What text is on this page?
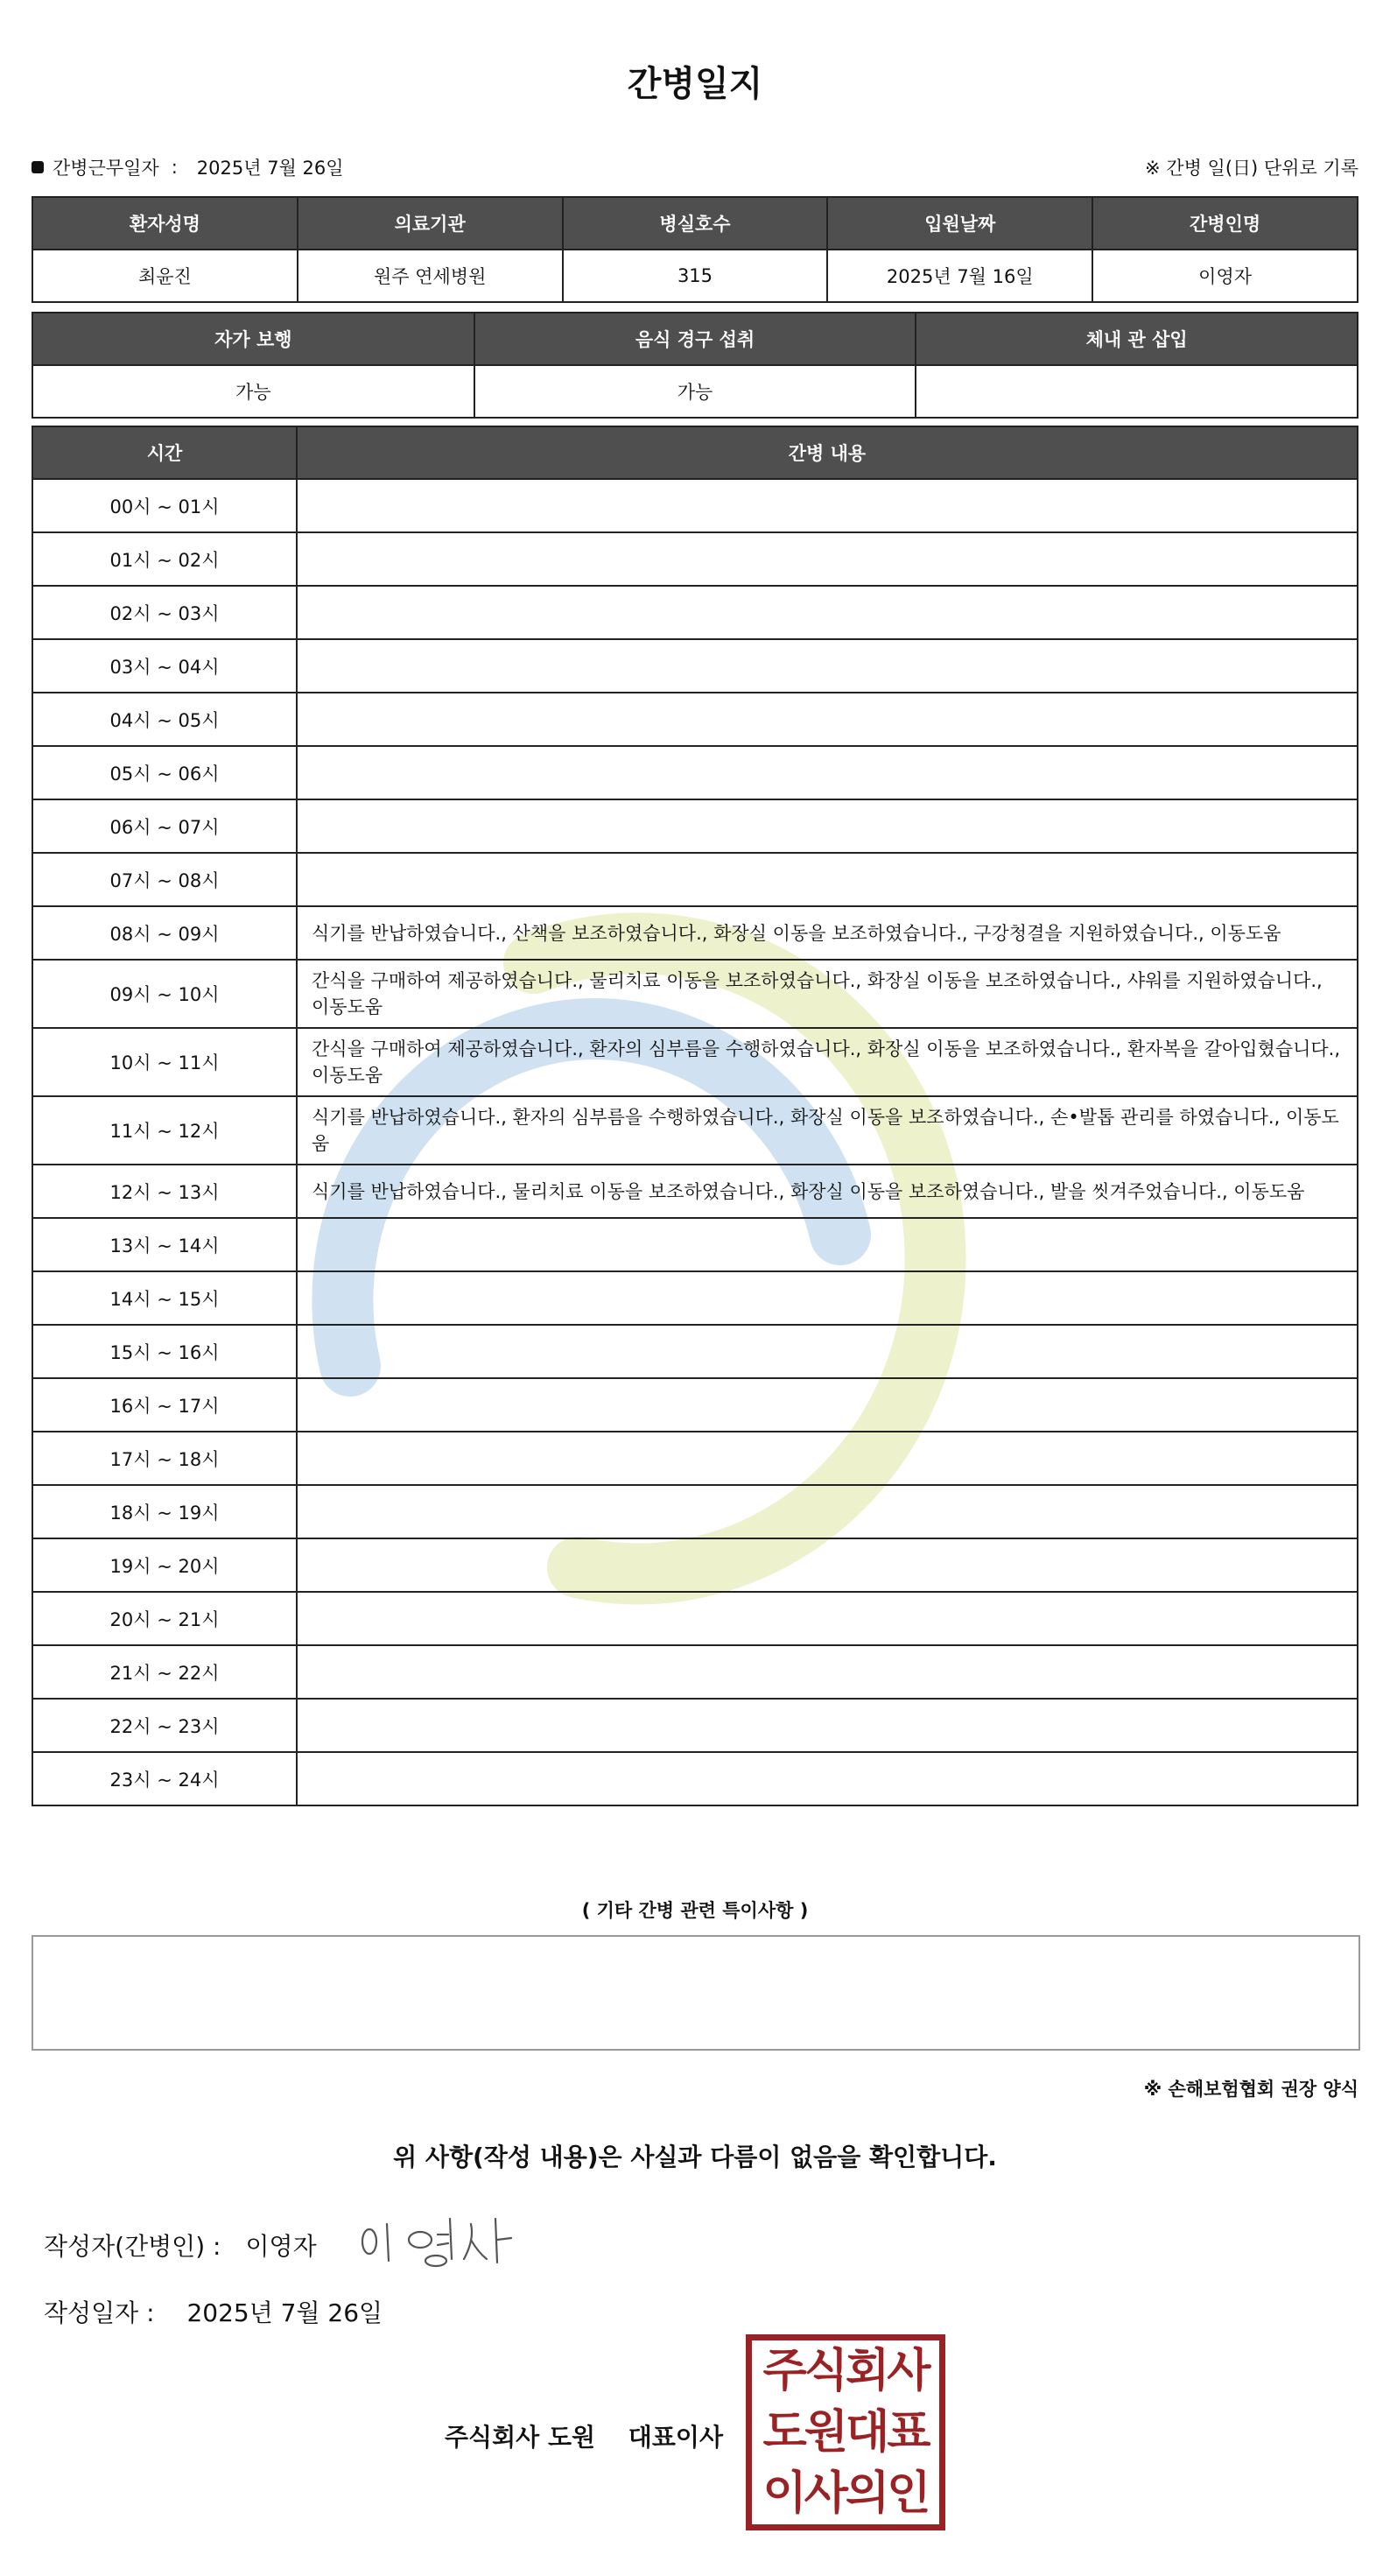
간병일지
간병근무일자 : 2025년 7월 26일	※ 간병 일(日) 단위로 기록
환자성명	의료기관	병실호수	입원날짜	간병인명
최윤진	원주 연세병원	315	2025년 7월 16일	이영자
자가 보행	음식 경구 섭취	체내 관 삽입
가능	가능	
시간	간병 내용
00시 ~ 01시	
01시 ~ 02시	
02시 ~ 03시	
03시 ~ 04시	
04시 ~ 05시	
05시 ~ 06시	
06시 ~ 07시	
07시 ~ 08시	
08시 ~ 09시	식기를 반납하였습니다., 산책을 보조하였습니다., 화장실 이동을 보조하였습니다., 구강청결을 지원하였습니다., 이동도움
09시 ~ 10시	간식을 구매하여 제공하였습니다., 물리치료 이동을 보조하였습니다., 화장실 이동을 보조하였습니다., 샤워를 지원하였습니다., 이동도움
10시 ~ 11시	간식을 구매하여 제공하였습니다., 환자의 심부름을 수행하였습니다., 화장실 이동을 보조하였습니다., 환자복을 갈아입혔습니다., 이동도움
11시 ~ 12시	식기를 반납하였습니다., 환자의 심부름을 수행하였습니다., 화장실 이동을 보조하였습니다., 손•발톱 관리를 하였습니다., 이동도움
12시 ~ 13시	식기를 반납하였습니다., 물리치료 이동을 보조하였습니다., 화장실 이동을 보조하였습니다., 발을 씻겨주었습니다., 이동도움
13시 ~ 14시	
14시 ~ 15시	
15시 ~ 16시	
16시 ~ 17시	
17시 ~ 18시	
18시 ~ 19시	
19시 ~ 20시	
20시 ~ 21시	
21시 ~ 22시	
22시 ~ 23시	
23시 ~ 24시	
( 기타 간병 관련 특이사항 )
※ 손해보험협회 권장 양식
위 사항(작성 내용)은 사실과 다름이 없음을 확인합니다.
작성자(간병인) : 이영자
작성일자 : 2025년 7월 26일
주식회사 도원 대표이사
주식회사
도원대표
이사의인
